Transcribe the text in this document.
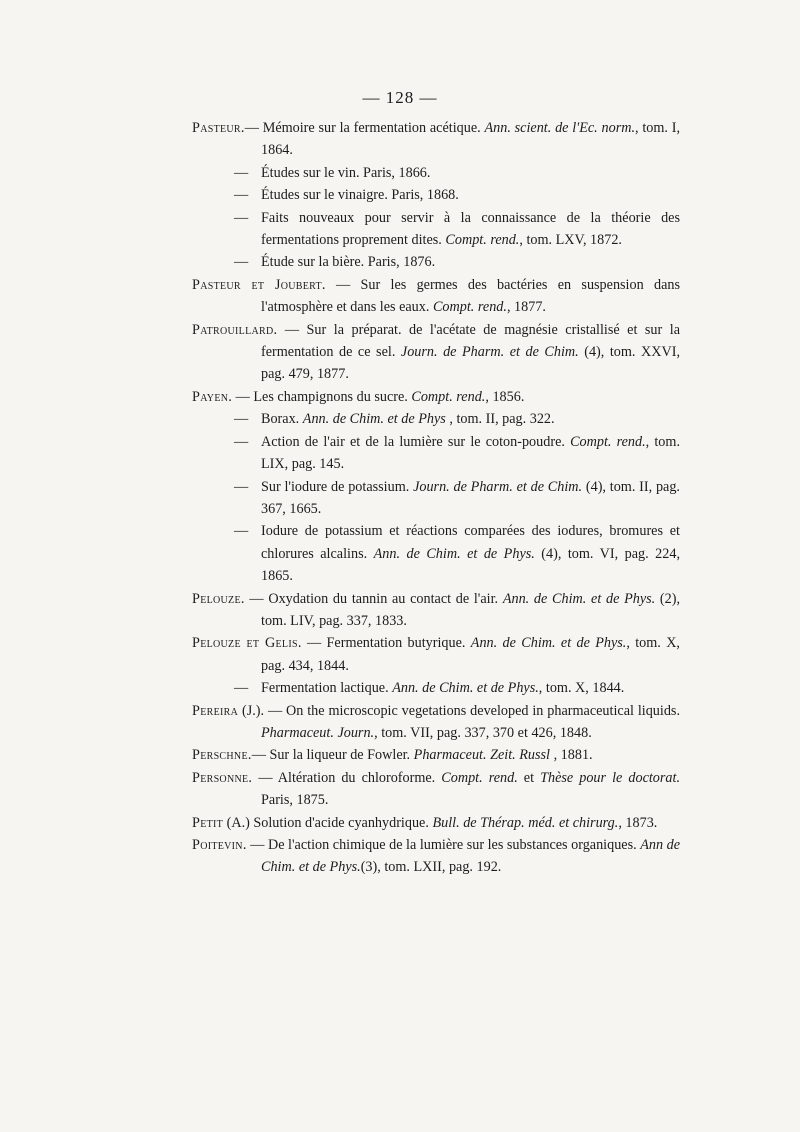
— 128 —

Pasteur.— Mémoire sur la fermentation acétique. Ann. scient. de l'Ec. norm., tom. I, 1864.

— Études sur le vin. Paris, 1866.

— Études sur le vinaigre. Paris, 1868.

— Faits nouveaux pour servir à la connaissance de la théorie des fermentations proprement dites. Compt. rend., tom. LXV, 1872.

— Étude sur la bière. Paris, 1876.

Pasteur et Joubert. — Sur les germes des bactéries en suspension dans l'atmosphère et dans les eaux. Compt. rend., 1877.

Patrouillard. — Sur la préparat. de l'acétate de magnésie cristallisé et sur la fermentation de ce sel. Journ. de Pharm. et de Chim. (4), tom. XXVI, pag. 479, 1877.

Payen. — Les champignons du sucre. Compt. rend., 1856.

— Borax. Ann. de Chim. et de Phys , tom. II, pag. 322.

— Action de l'air et de la lumière sur le coton-poudre. Compt. rend., tom. LIX, pag. 145.

— Sur l'iodure de potassium. Journ. de Pharm. et de Chim. (4), tom. II, pag. 367, 1665.

— Iodure de potassium et réactions comparées des iodures, bromures et chlorures alcalins. Ann. de Chim. et de Phys. (4), tom. VI, pag. 224, 1865.

Pelouze. — Oxydation du tannin au contact de l'air. Ann. de Chim. et de Phys. (2), tom. LIV, pag. 337, 1833.

Pelouze et Gelis. — Fermentation butyrique. Ann. de Chim. et de Phys., tom. X, pag. 434, 1844.

— Fermentation lactique. Ann. de Chim. et de Phys., tom. X, 1844.

Pereira (J.). — On the microscopic vegetations developed in pharmaceutical liquids. Pharmaceut. Journ., tom. VII, pag. 337, 370 et 426, 1848.

Perschne.— Sur la liqueur de Fowler. Pharmaceut. Zeit. Russl , 1881.

Personne. — Altération du chloroforme. Compt. rend. et Thèse pour le doctorat. Paris, 1875.

Petit (A.) Solution d'acide cyanhydrique. Bull. de Thérap. méd. et chirurg., 1873.

Poitevin. — De l'action chimique de la lumière sur les substances organiques. Ann de Chim. et de Phys.(3), tom. LXII, pag. 192.
